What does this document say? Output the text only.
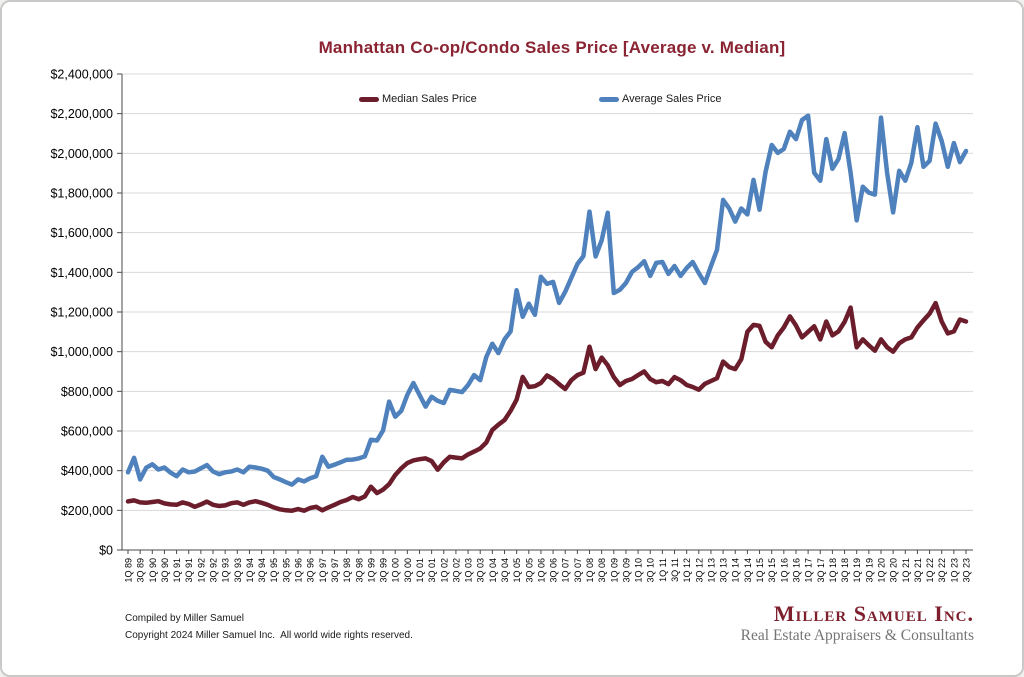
Manhattan Co-op/Condo Sales Price [Average v. Median]
Median Sales Price	Average Sales Price
$0
$200,000
$400,000
$600,000
$800,000
$1,000,000
$1,200,000
$1,400,000
$1,600,000
$1,800,000
$2,000,000
$2,200,000
$2,400,000
1Q 89 3Q 89 1Q 90 3Q 90 1Q 91 3Q 91 1Q 92 3Q 92 1Q 93 3Q 93 1Q 94 3Q 94 1Q 95 3Q 95 1Q 96 3Q 96 1Q 97 3Q 97 1Q 98 3Q 98 1Q 99 3Q 99 1Q 00 3Q 00 1Q 01 3Q 01 1Q 02 3Q 02 1Q 03 3Q 03 1Q 04 3Q 04 1Q 05 3Q 05 1Q 06 3Q 06 1Q 07 3Q 07 1Q 08 3Q 08 1Q 09 3Q 09 1Q 10 3Q 10 1Q 11 3Q 11 1Q 12 3Q 12 1Q 13 3Q 13 1Q 14 3Q 14 1Q 15 3Q 15 1Q 16 3Q 16 1Q 17 3Q 17 1Q 18 3Q 18 1Q 19 3Q 19 1Q 20 3Q 20 1Q 21 3Q 21 1Q 22 3Q 22 1Q 23 3Q 23
Compiled by Miller Samuel
Copyright 2024 Miller Samuel Inc.  All world wide rights reserved.
Miller Samuel Inc.
Real Estate Appraisers & Consultants
